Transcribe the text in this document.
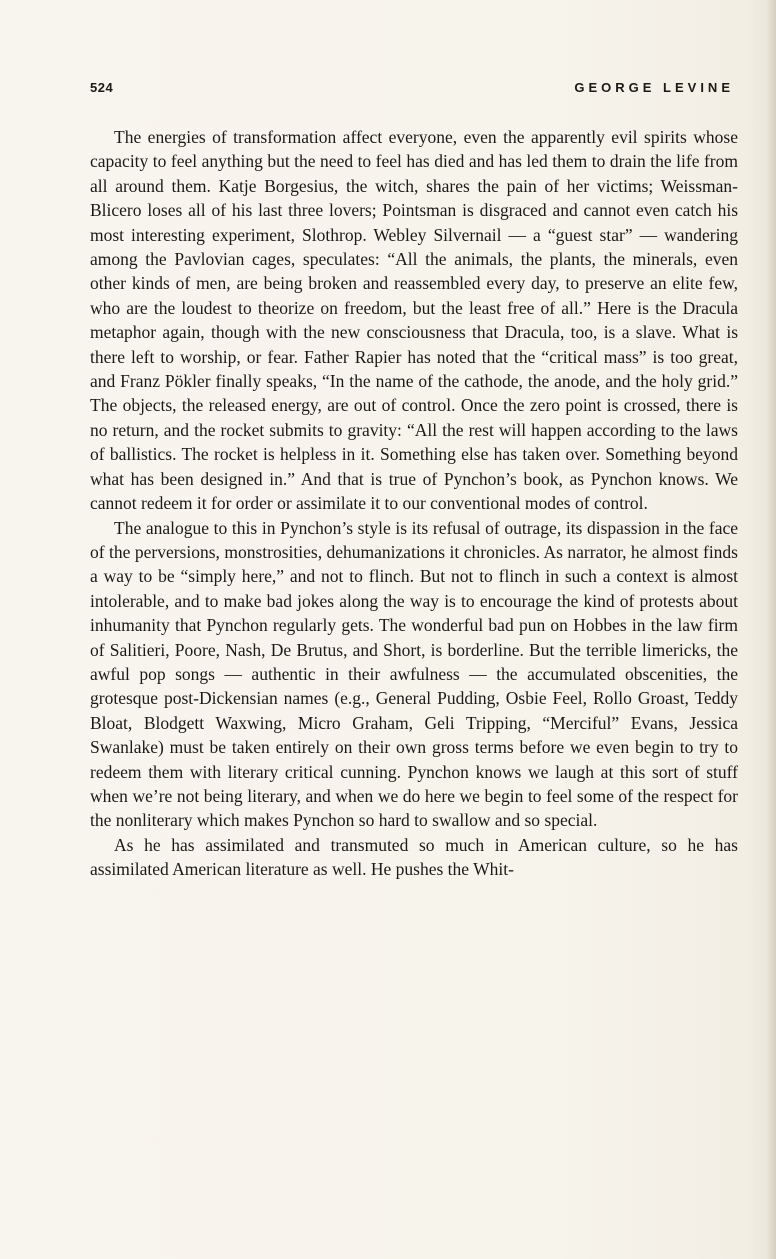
524	GEORGE LEVINE

The energies of transformation affect everyone, even the apparently evil spirits whose capacity to feel anything but the need to feel has died and has led them to drain the life from all around them. Katje Borgesius, the witch, shares the pain of her victims; Weissman-Blicero loses all of his last three lovers; Pointsman is disgraced and cannot even catch his most interesting experiment, Slothrop. Webley Silvernail — a “guest star” — wandering among the Pavlovian cages, speculates: “All the animals, the plants, the minerals, even other kinds of men, are being broken and reassembled every day, to preserve an elite few, who are the loudest to theorize on freedom, but the least free of all.” Here is the Dracula metaphor again, though with the new consciousness that Dracula, too, is a slave. What is there left to worship, or fear. Father Rapier has noted that the “critical mass” is too great, and Franz Pökler finally speaks, “In the name of the cathode, the anode, and the holy grid.” The objects, the released energy, are out of control. Once the zero point is crossed, there is no return, and the rocket submits to gravity: “All the rest will happen according to the laws of ballistics. The rocket is helpless in it. Something else has taken over. Something beyond what has been designed in.” And that is true of Pynchon’s book, as Pynchon knows. We cannot redeem it for order or assimilate it to our conventional modes of control.

The analogue to this in Pynchon’s style is its refusal of outrage, its dispassion in the face of the perversions, monstrosities, dehumanizations it chronicles. As narrator, he almost finds a way to be “simply here,” and not to flinch. But not to flinch in such a context is almost intolerable, and to make bad jokes along the way is to encourage the kind of protests about inhumanity that Pynchon regularly gets. The wonderful bad pun on Hobbes in the law firm of Salitieri, Poore, Nash, De Brutus, and Short, is borderline. But the terrible limericks, the awful pop songs — authentic in their awfulness — the accumulated obscenities, the grotesque post-Dickensian names (e.g., General Pudding, Osbie Feel, Rollo Groast, Teddy Bloat, Blodgett Waxwing, Micro Graham, Geli Tripping, “Merciful” Evans, Jessica Swanlake) must be taken entirely on their own gross terms before we even begin to try to redeem them with literary critical cunning. Pynchon knows we laugh at this sort of stuff when we’re not being literary, and when we do here we begin to feel some of the respect for the nonliterary which makes Pynchon so hard to swallow and so special.

As he has assimilated and transmuted so much in American culture, so he has assimilated American literature as well. He pushes the Whit-
